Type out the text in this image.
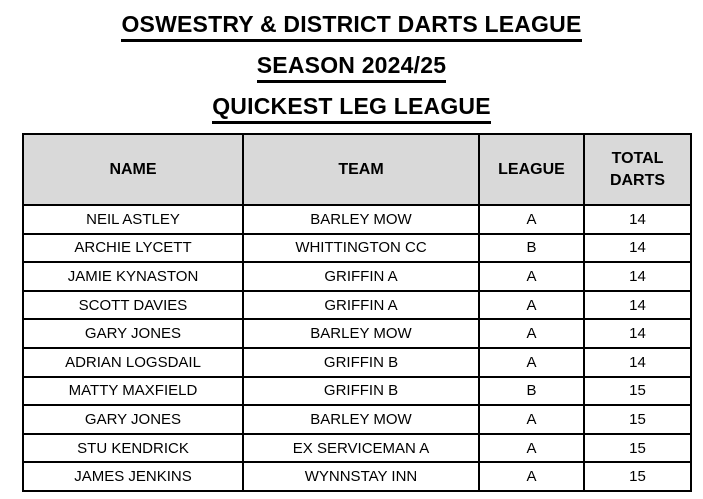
OSWESTRY & DISTRICT DARTS LEAGUE
SEASON 2024/25
QUICKEST LEG LEAGUE
NAME	TEAM	LEAGUE	TOTAL DARTS
NEIL ASTLEY	BARLEY MOW	A	14
ARCHIE LYCETT	WHITTINGTON CC	B	14
JAMIE KYNASTON	GRIFFIN A	A	14
SCOTT DAVIES	GRIFFIN A	A	14
GARY JONES	BARLEY MOW	A	14
ADRIAN LOGSDAIL	GRIFFIN B	A	14
MATTY MAXFIELD	GRIFFIN B	B	15
GARY JONES	BARLEY MOW	A	15
STU KENDRICK	EX SERVICEMAN A	A	15
JAMES JENKINS	WYNNSTAY INN	A	15
